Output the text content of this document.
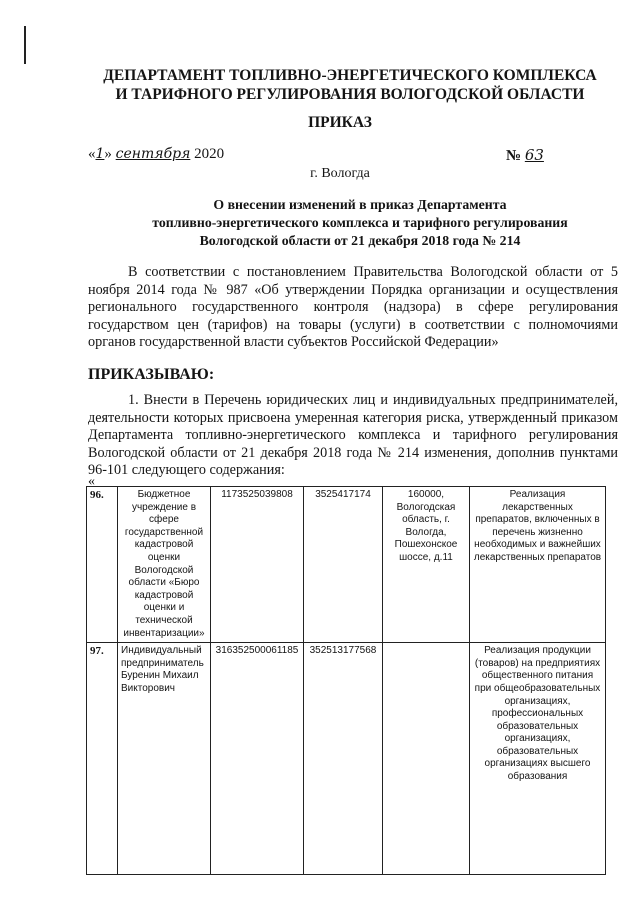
ДЕПАРТАМЕНТ ТОПЛИВНО-ЭНЕРГЕТИЧЕСКОГО КОМПЛЕКСА
И ТАРИФНОГО РЕГУЛИРОВАНИЯ ВОЛОГОДСКОЙ ОБЛАСТИ
ПРИКАЗ
«1» сентября 2020	№ 63
г. Вологда
О внесении изменений в приказ Департамента
топливно-энергетического комплекса и тарифного регулирования
Вологодской области от 21 декабря 2018 года № 214

В соответствии с постановлением Правительства Вологодской области от 5 ноября 2014 года № 987 «Об утверждении Порядка организации и осуществления регионального государственного контроля (надзора) в сфере регулирования государством цен (тарифов) на товары (услуги) в соответствии с полномочиями органов государственной власти субъектов Российской Федерации»

ПРИКАЗЫВАЮ:

1. Внести в Перечень юридических лиц и индивидуальных предпринимателей, деятельности которых присвоена умеренная категория риска, утвержденный приказом Департамента топливно-энергетического комплекса и тарифного регулирования Вологодской области от 21 декабря 2018 года № 214 изменения, дополнив пунктами 96-101 следующего содержания:

«
96.	Бюджетное учреждение в сфере государственной кадастровой оценки Вологодской области «Бюро кадастровой оценки и технической инвентаризации»	1173525039808	3525417174	160000, Вологодская область, г. Вологда, Пошехонское шоссе, д.11	Реализация лекарственных препаратов, включенных в перечень жизненно необходимых и важнейших лекарственных препаратов
97.	Индивидуальный предприниматель Буренин Михаил Викторович	316352500061185	352513177568		Реализация продукции (товаров) на предприятиях общественного питания при общеобразовательных организациях, профессиональных образовательных организациях, образовательных организациях высшего образования
